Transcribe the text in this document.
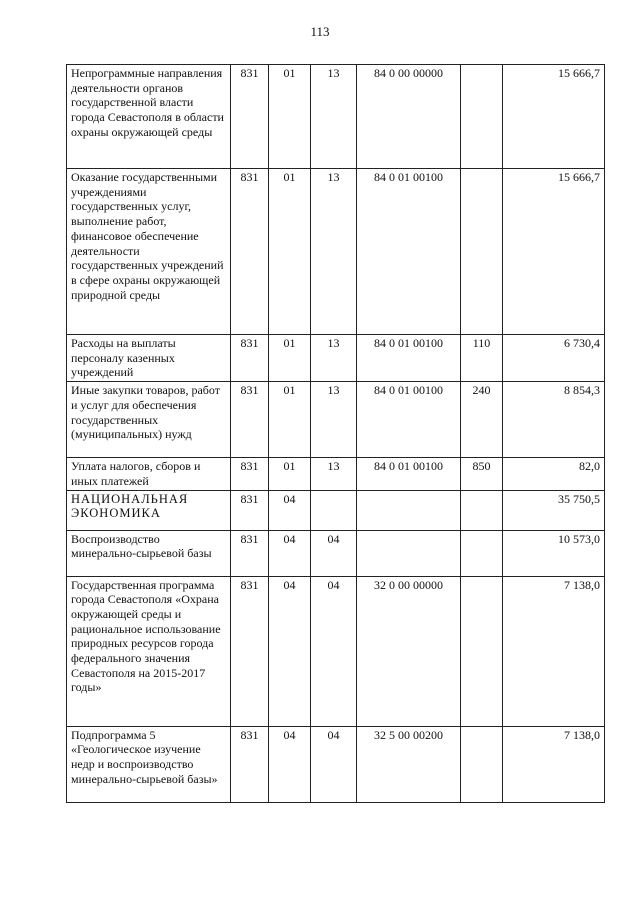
113
Непрограммные направления деятельности органов государственной власти города Севастополя в области охраны окружающей среды	831	01	13	84 0 00 00000		15 666,7
Оказание государственными учреждениями государственных услуг, выполнение работ, финансовое обеспечение деятельности государственных учреждений в сфере охраны окружающей природной среды	831	01	13	84 0 01 00100		15 666,7
Расходы на выплаты персоналу казенных учреждений	831	01	13	84 0 01 00100	110	6 730,4
Иные закупки товаров, работ и услуг для обеспечения государственных (муниципальных) нужд	831	01	13	84 0 01 00100	240	8 854,3
Уплата налогов, сборов и иных платежей	831	01	13	84 0 01 00100	850	82,0
НАЦИОНАЛЬНАЯ ЭКОНОМИКА	831	04				35 750,5
Воспроизводство минерально-сырьевой базы	831	04	04			10 573,0
Государственная программа города Севастополя «Охрана окружающей среды и рациональное использование природных ресурсов города федерального значения Севастополя на 2015-2017 годы»	831	04	04	32 0 00 00000		7 138,0
Подпрограмма 5 «Геологическое изучение недр и воспроизводство минерально-сырьевой базы»	831	04	04	32 5 00 00200		7 138,0
